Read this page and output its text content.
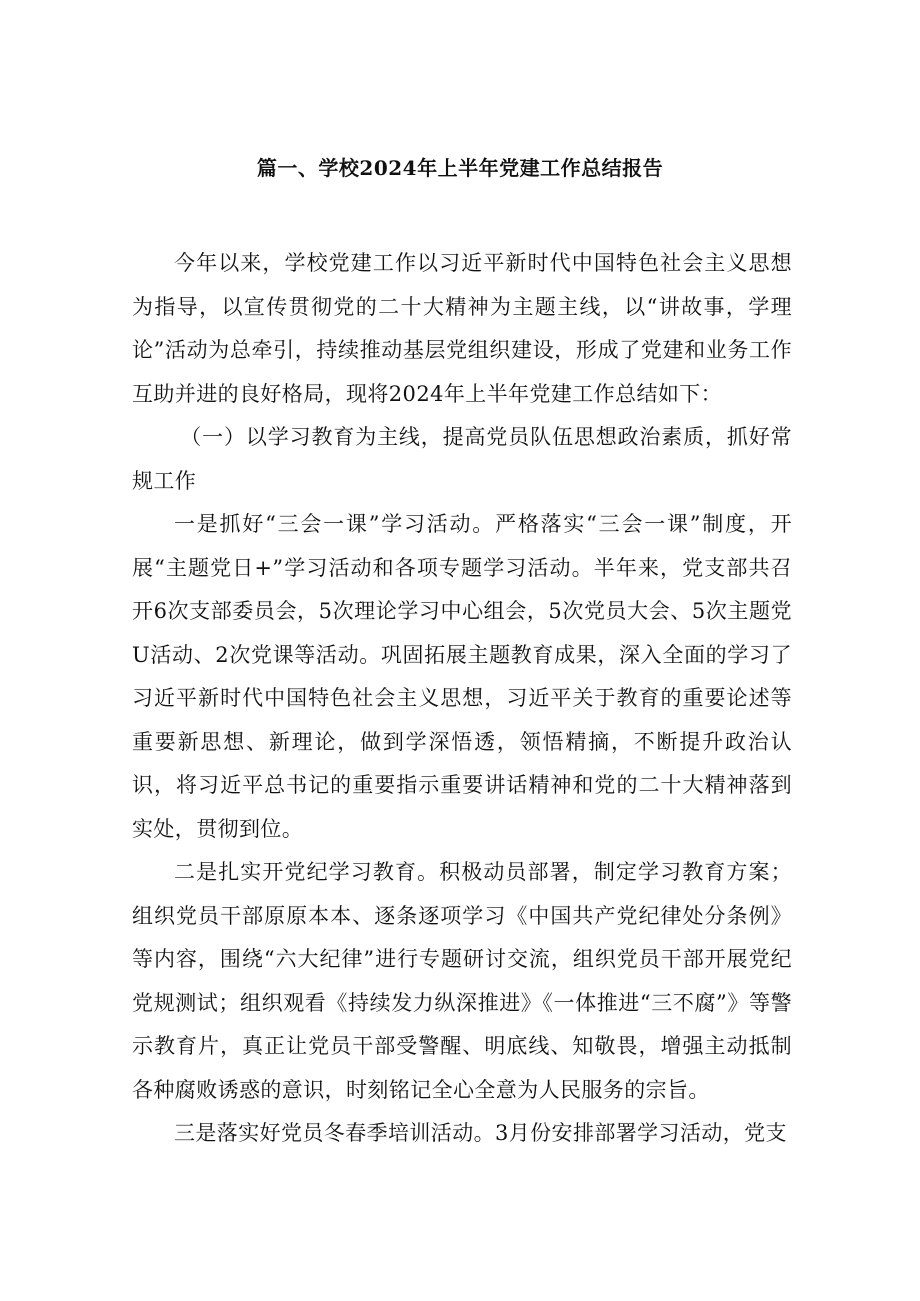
篇一、学校2024年上半年党建工作总结报告

今年以来，学校党建工作以习近平新时代中国特色社会主义思想为指导，以宣传贯彻党的二十大精神为主题主线，以“讲故事，学理论”活动为总牵引，持续推动基层党组织建设，形成了党建和业务工作互助并进的良好格局，现将2024年上半年党建工作总结如下：

（一）以学习教育为主线，提高党员队伍思想政治素质，抓好常规工作

一是抓好“三会一课”学习活动。严格落实“三会一课”制度，开展“主题党日+”学习活动和各项专题学习活动。半年来，党支部共召开6次支部委员会，5次理论学习中心组会，5次党员大会、5次主题党U活动、2次党课等活动。巩固拓展主题教育成果，深入全面的学习了习近平新时代中国特色社会主义思想，习近平关于教育的重要论述等重要新思想、新理论，做到学深悟透，领悟精摘，不断提升政治认识，将习近平总书记的重要指示重要讲话精神和党的二十大精神落到实处，贯彻到位。

二是扎实开党纪学习教育。积极动员部署，制定学习教育方案；组织党员干部原原本本、逐条逐项学习《中国共产党纪律处分条例》等内容，围绕“六大纪律”进行专题研讨交流，组织党员干部开展党纪党规测试；组织观看《持续发力纵深推进》《一体推进“三不腐”》等警示教育片，真正让党员干部受警醒、明底线、知敬畏，增强主动抵制各种腐败诱惑的意识，时刻铭记全心全意为人民服务的宗旨。

三是落实好党员冬春季培训活动。3月份安排部署学习活动，党支
